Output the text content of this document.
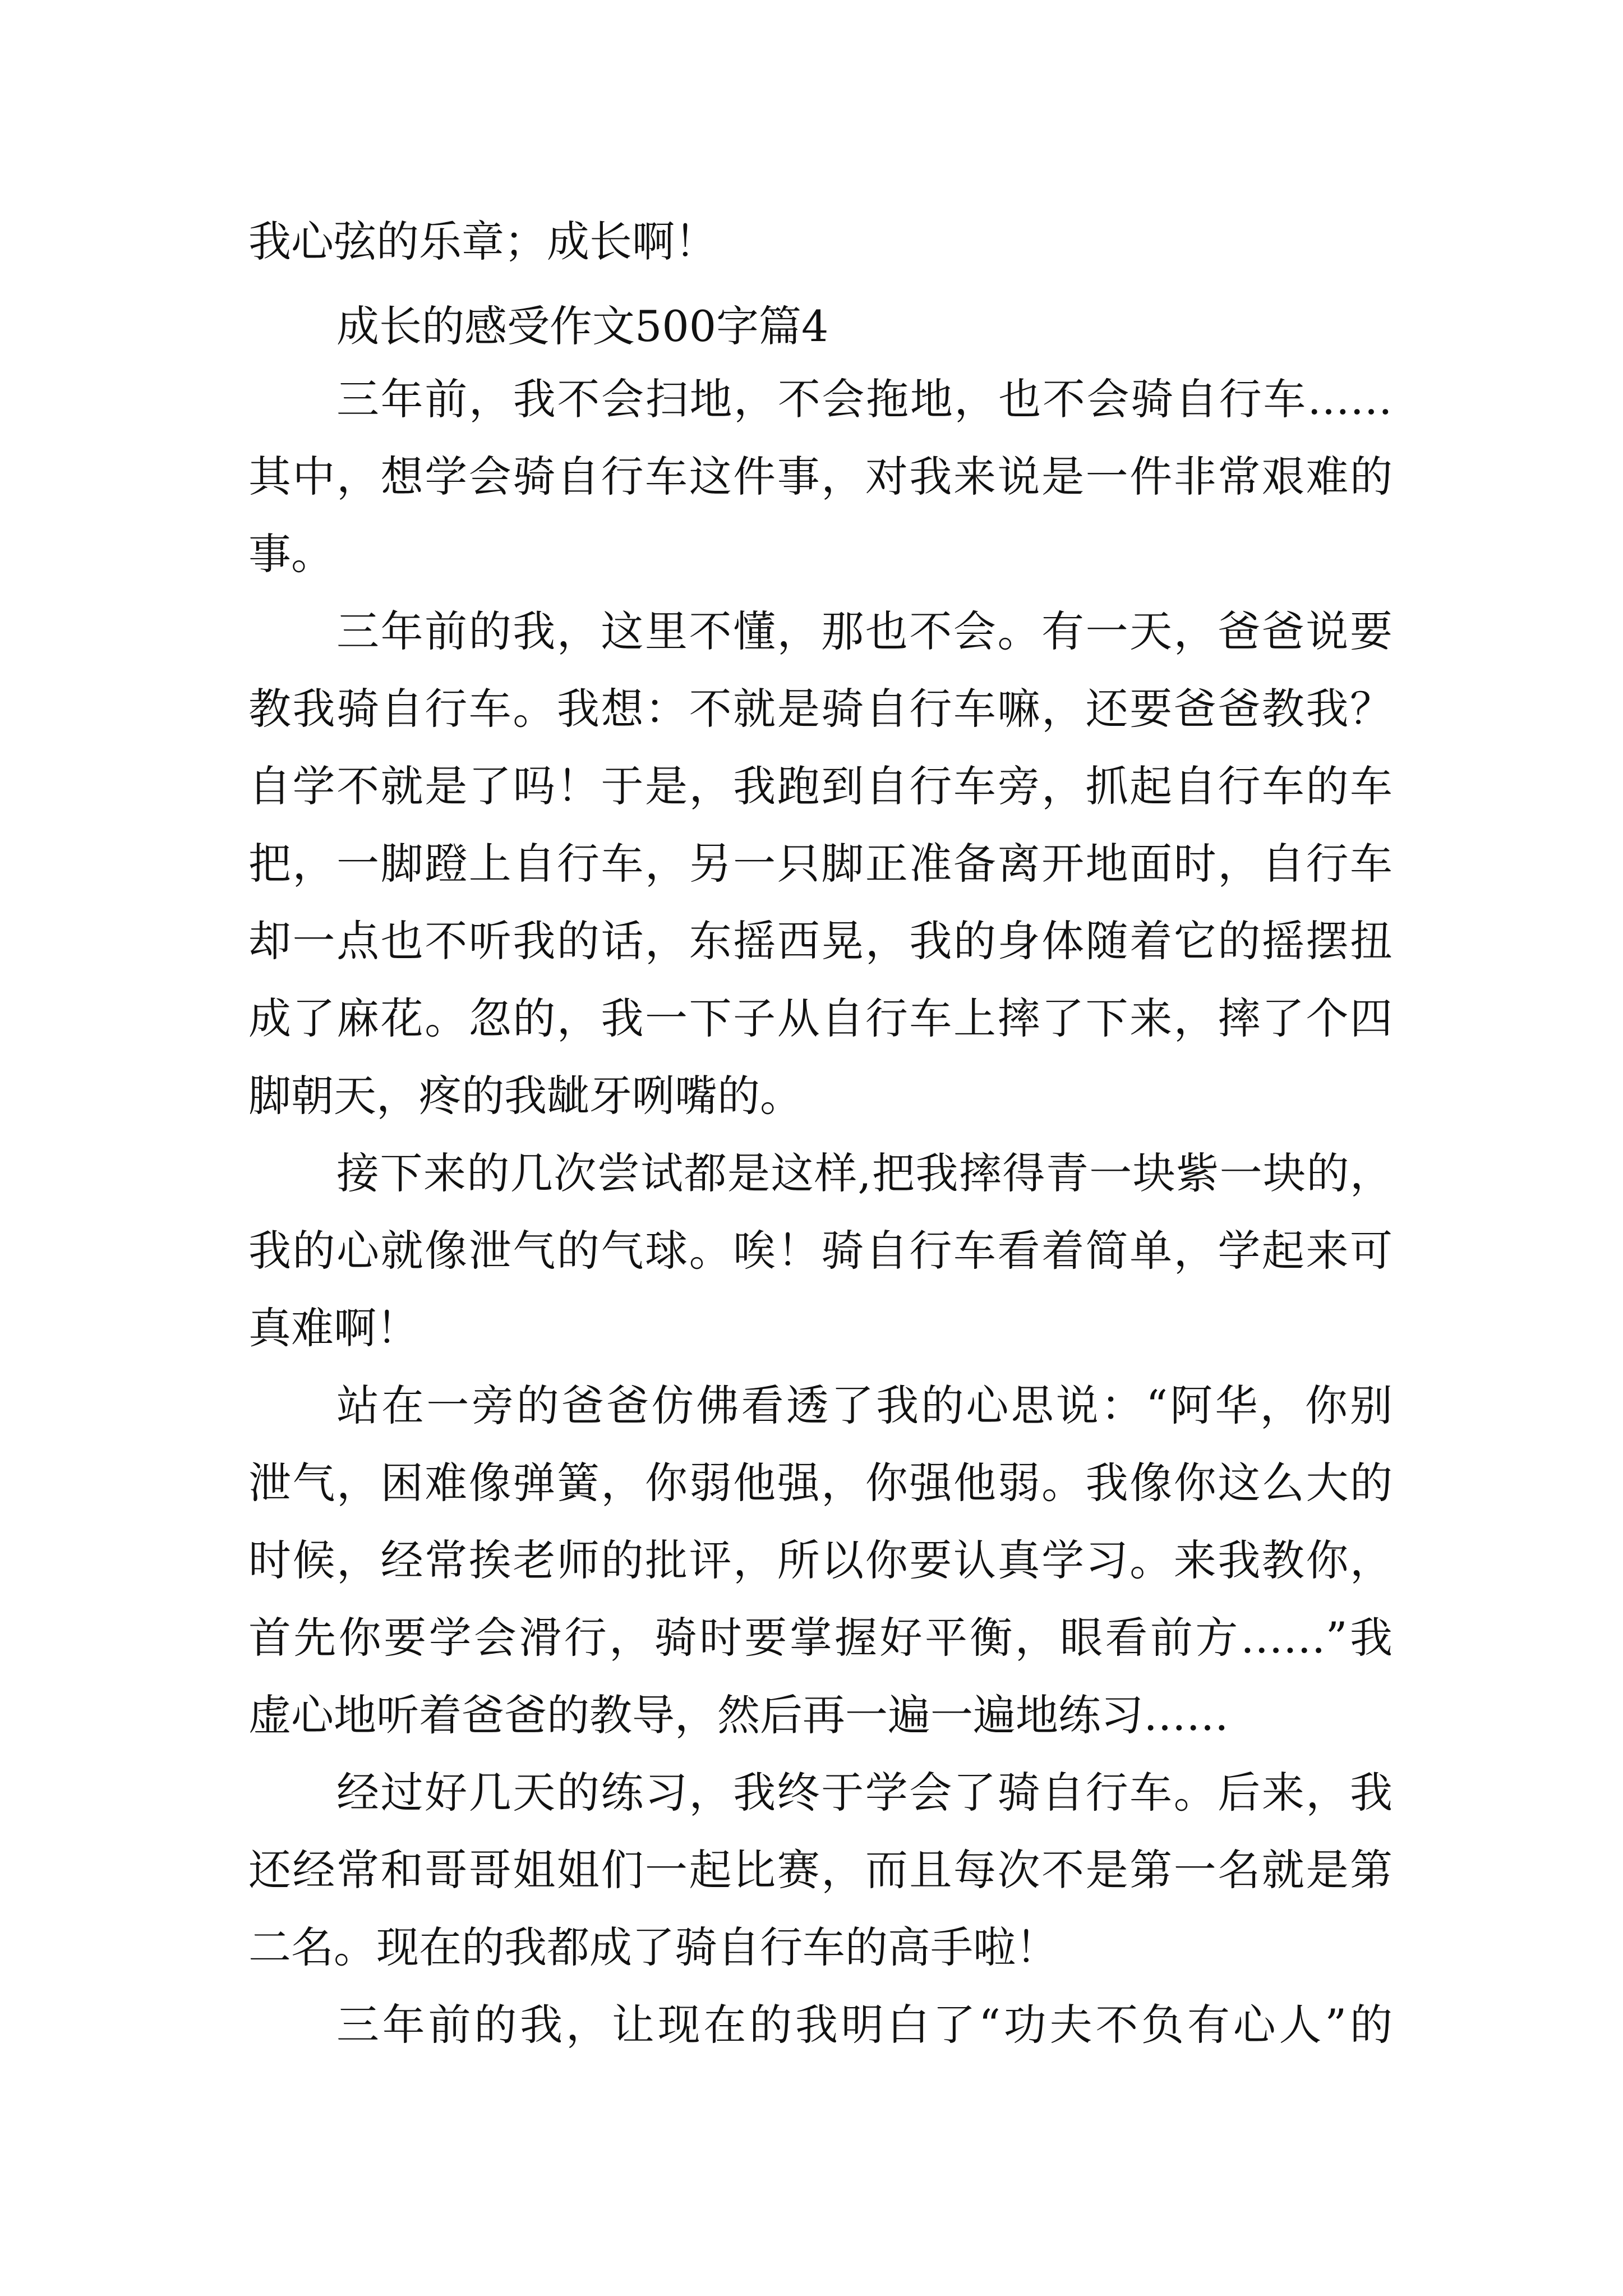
我心弦的乐章；成长啊！
成长的感受作文500字篇4
三年前，我不会扫地，不会拖地，也不会骑自行车……
其中，想学会骑自行车这件事，对我来说是一件非常艰难的
事。
三年前的我，这里不懂，那也不会。有一天，爸爸说要
教我骑自行车。我想：不就是骑自行车嘛，还要爸爸教我？
自学不就是了吗！于是，我跑到自行车旁，抓起自行车的车
把，一脚蹬上自行车，另一只脚正准备离开地面时，自行车
却一点也不听我的话，东摇西晃，我的身体随着它的摇摆扭
成了麻花。忽的，我一下子从自行车上摔了下来，摔了个四
脚朝天，疼的我龇牙咧嘴的。
接下来的几次尝试都是这样,把我摔得青一块紫一块的，
我的心就像泄气的气球。唉！骑自行车看着简单，学起来可
真难啊！
站在一旁的爸爸仿佛看透了我的心思说：“阿华，你别
泄气，困难像弹簧，你弱他强，你强他弱。我像你这么大的
时候，经常挨老师的批评，所以你要认真学习。来我教你，
首先你要学会滑行，骑时要掌握好平衡，眼看前方……”我
虚心地听着爸爸的教导，然后再一遍一遍地练习……
经过好几天的练习，我终于学会了骑自行车。后来，我
还经常和哥哥姐姐们一起比赛，而且每次不是第一名就是第
二名。现在的我都成了骑自行车的高手啦！
三年前的我，让现在的我明白了“功夫不负有心人”的
